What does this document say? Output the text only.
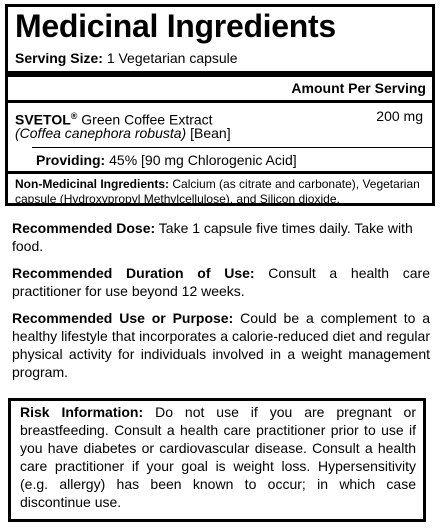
Medicinal Ingredients
Serving Size: 1 Vegetarian capsule
Amount Per Serving
SVETOL® Green Coffee Extract	200 mg
(Coffea canephora robusta) [Bean]
Providing: 45% [90 mg Chlorogenic Acid]
Non-Medicinal Ingredients: Calcium (as citrate and carbonate), Vegetarian capsule (Hydroxypropyl Methylcellulose), and Silicon dioxide.
Recommended Dose: Take 1 capsule five times daily. Take with food.
Recommended Duration of Use: Consult a health care practitioner for use beyond 12 weeks.
Recommended Use or Purpose: Could be a complement to a healthy lifestyle that incorporates a calorie-reduced diet and regular physical activity for individuals involved in a weight management program.
Risk Information: Do not use if you are pregnant or breastfeeding. Consult a health care practitioner prior to use if you have diabetes or cardiovascular disease. Consult a health care practitioner if your goal is weight loss. Hypersensitivity (e.g. allergy) has been known to occur; in which case discontinue use.
